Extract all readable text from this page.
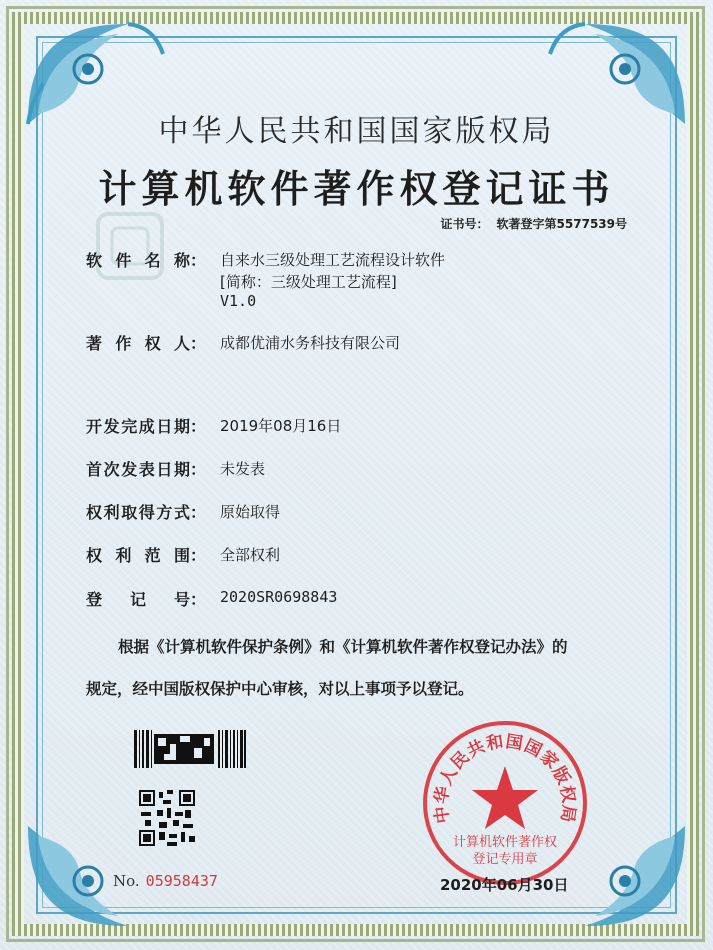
中华人民共和国国家版权局
计算机软件著作权登记证书
证书号： 软著登字第5577539号
软 件 名 称： 自来水三级处理工艺流程设计软件
[简称：三级处理工艺流程]
V1.0
著 作 权 人： 成都优浦水务科技有限公司
开 发 完 成 日 期： 2019年08月16日
首 次 发 表 日 期： 未发表
权 利 取 得 方 式： 原始取得
权 利 范 围： 全部权利
登 记 号： 2020SR0698843
根据《计算机软件保护条例》和《计算机软件著作权登记办法》的
规定，经中国版权保护中心审核，对以上事项予以登记。
No. 05958437
中华人民共和国国家版权局
计算机软件著作权
登记专用章
2020年06月30日
